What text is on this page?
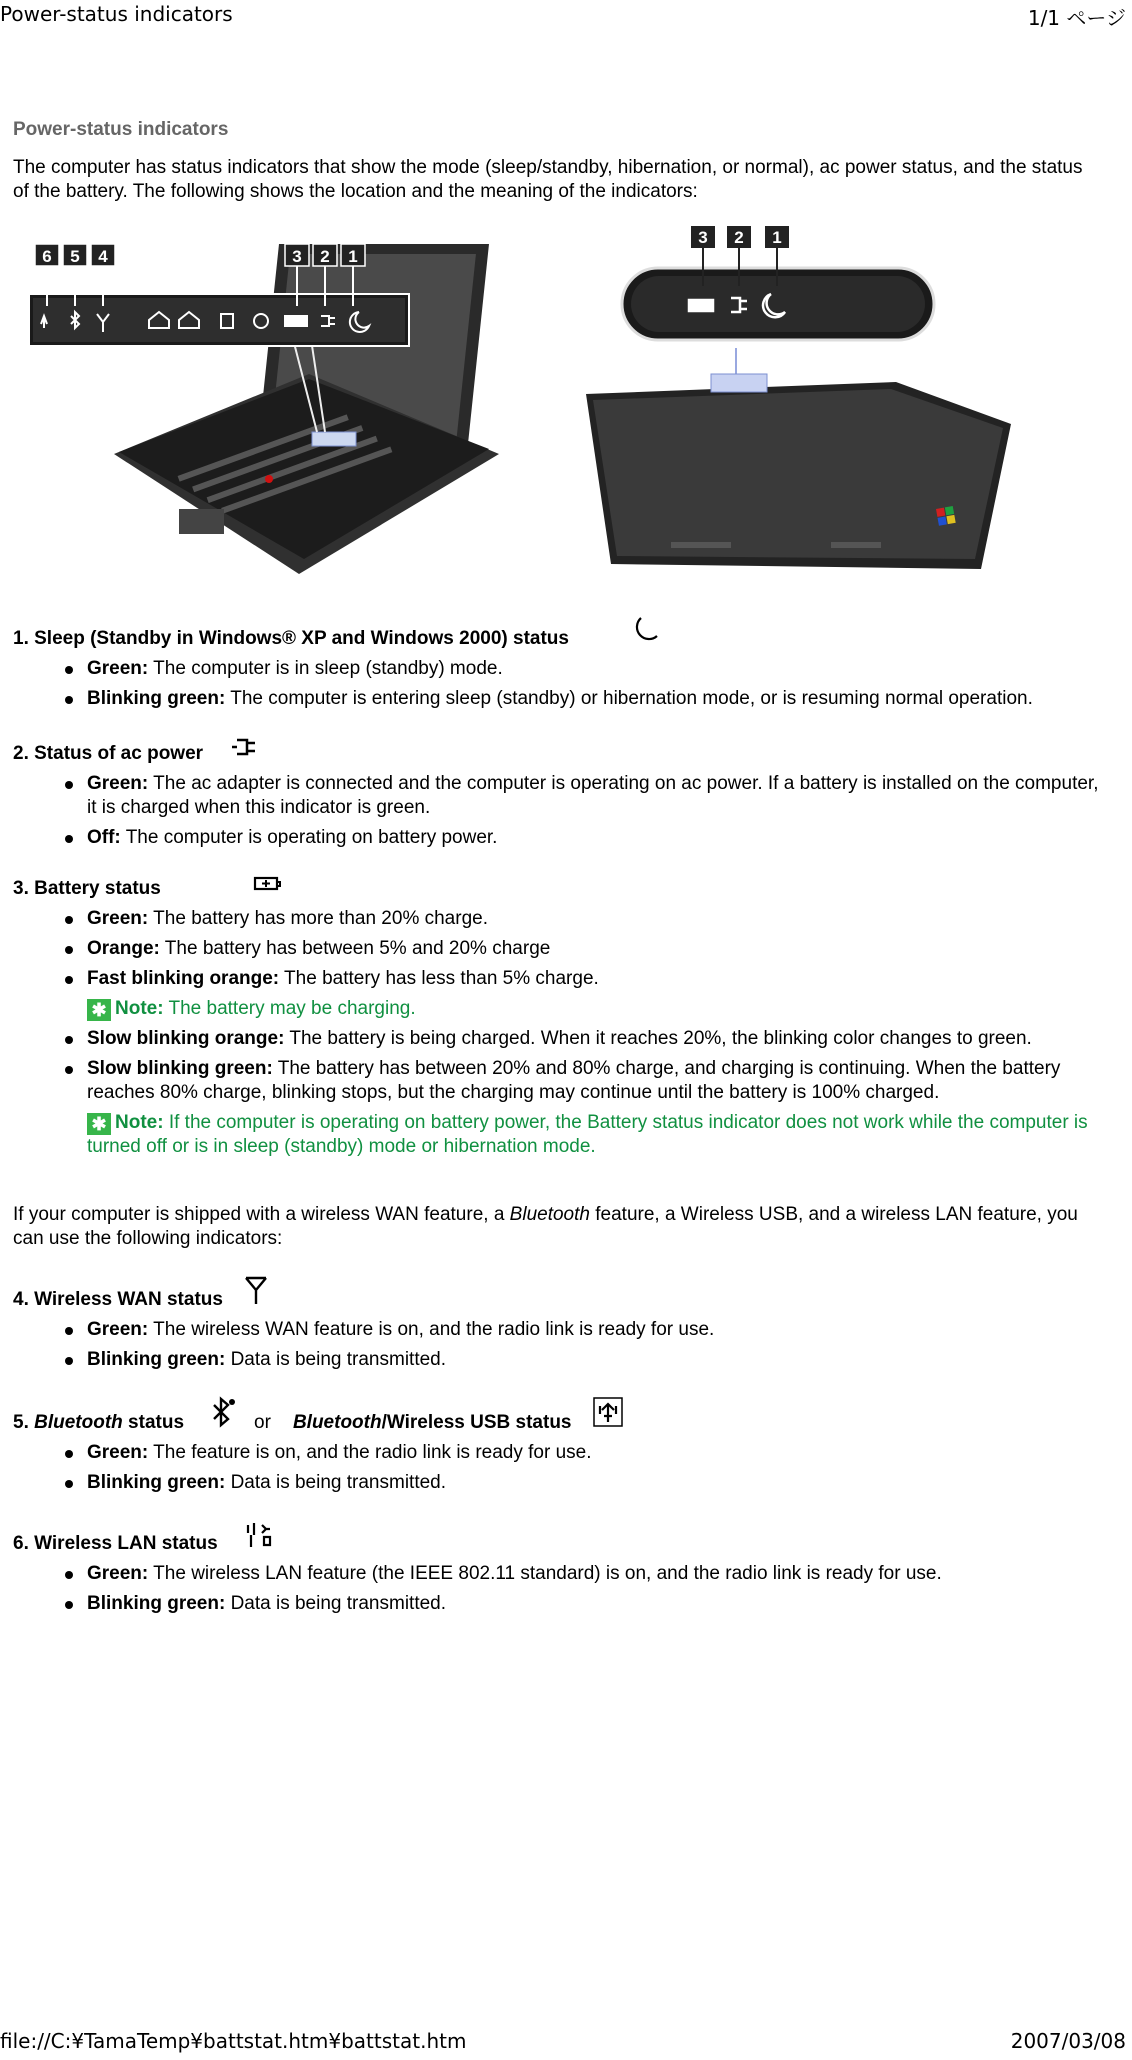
Power-status indicators	1/1 ページ
Power-status indicators

The computer has status indicators that show the mode (sleep/standby, hibernation, or normal), ac power status, and the status of the battery. The following shows the location and the meaning of the indicators:

6 5 4	3 2 1
3 2 1
1. Sleep (Standby in Windows® XP and Windows 2000) status
Green: The computer is in sleep (standby) mode.
Blinking green: The computer is entering sleep (standby) or hibernation mode, or is resuming normal operation.
2. Status of ac power
Green: The ac adapter is connected and the computer is operating on ac power. If a battery is installed on the computer, it is charged when this indicator is green.
Off: The computer is operating on battery power.
3. Battery status
Green: The battery has more than 20% charge.
Orange: The battery has between 5% and 20% charge
Fast blinking orange: The battery has less than 5% charge.
✱ Note: The battery may be charging.
Slow blinking orange: The battery is being charged. When it reaches 20%, the blinking color changes to green.
Slow blinking green: The battery has between 20% and 80% charge, and charging is continuing. When the battery reaches 80% charge, blinking stops, but the charging may continue until the battery is 100% charged.
✱ Note: If the computer is operating on battery power, the Battery status indicator does not work while the computer is turned off or is in sleep (standby) mode or hibernation mode.

If your computer is shipped with a wireless WAN feature, a Bluetooth feature, a Wireless USB, and a wireless LAN feature, you can use the following indicators:

4. Wireless WAN status
Green: The wireless WAN feature is on, and the radio link is ready for use.
Blinking green: Data is being transmitted.
5. Bluetooth status	or Bluetooth/Wireless USB status
Green: The feature is on, and the radio link is ready for use.
Blinking green: Data is being transmitted.
6. Wireless LAN status
Green: The wireless LAN feature (the IEEE 802.11 standard) is on, and the radio link is ready for use.
Blinking green: Data is being transmitted.
file://C:¥TamaTemp¥battstat.htm¥battstat.htm	2007/03/08
